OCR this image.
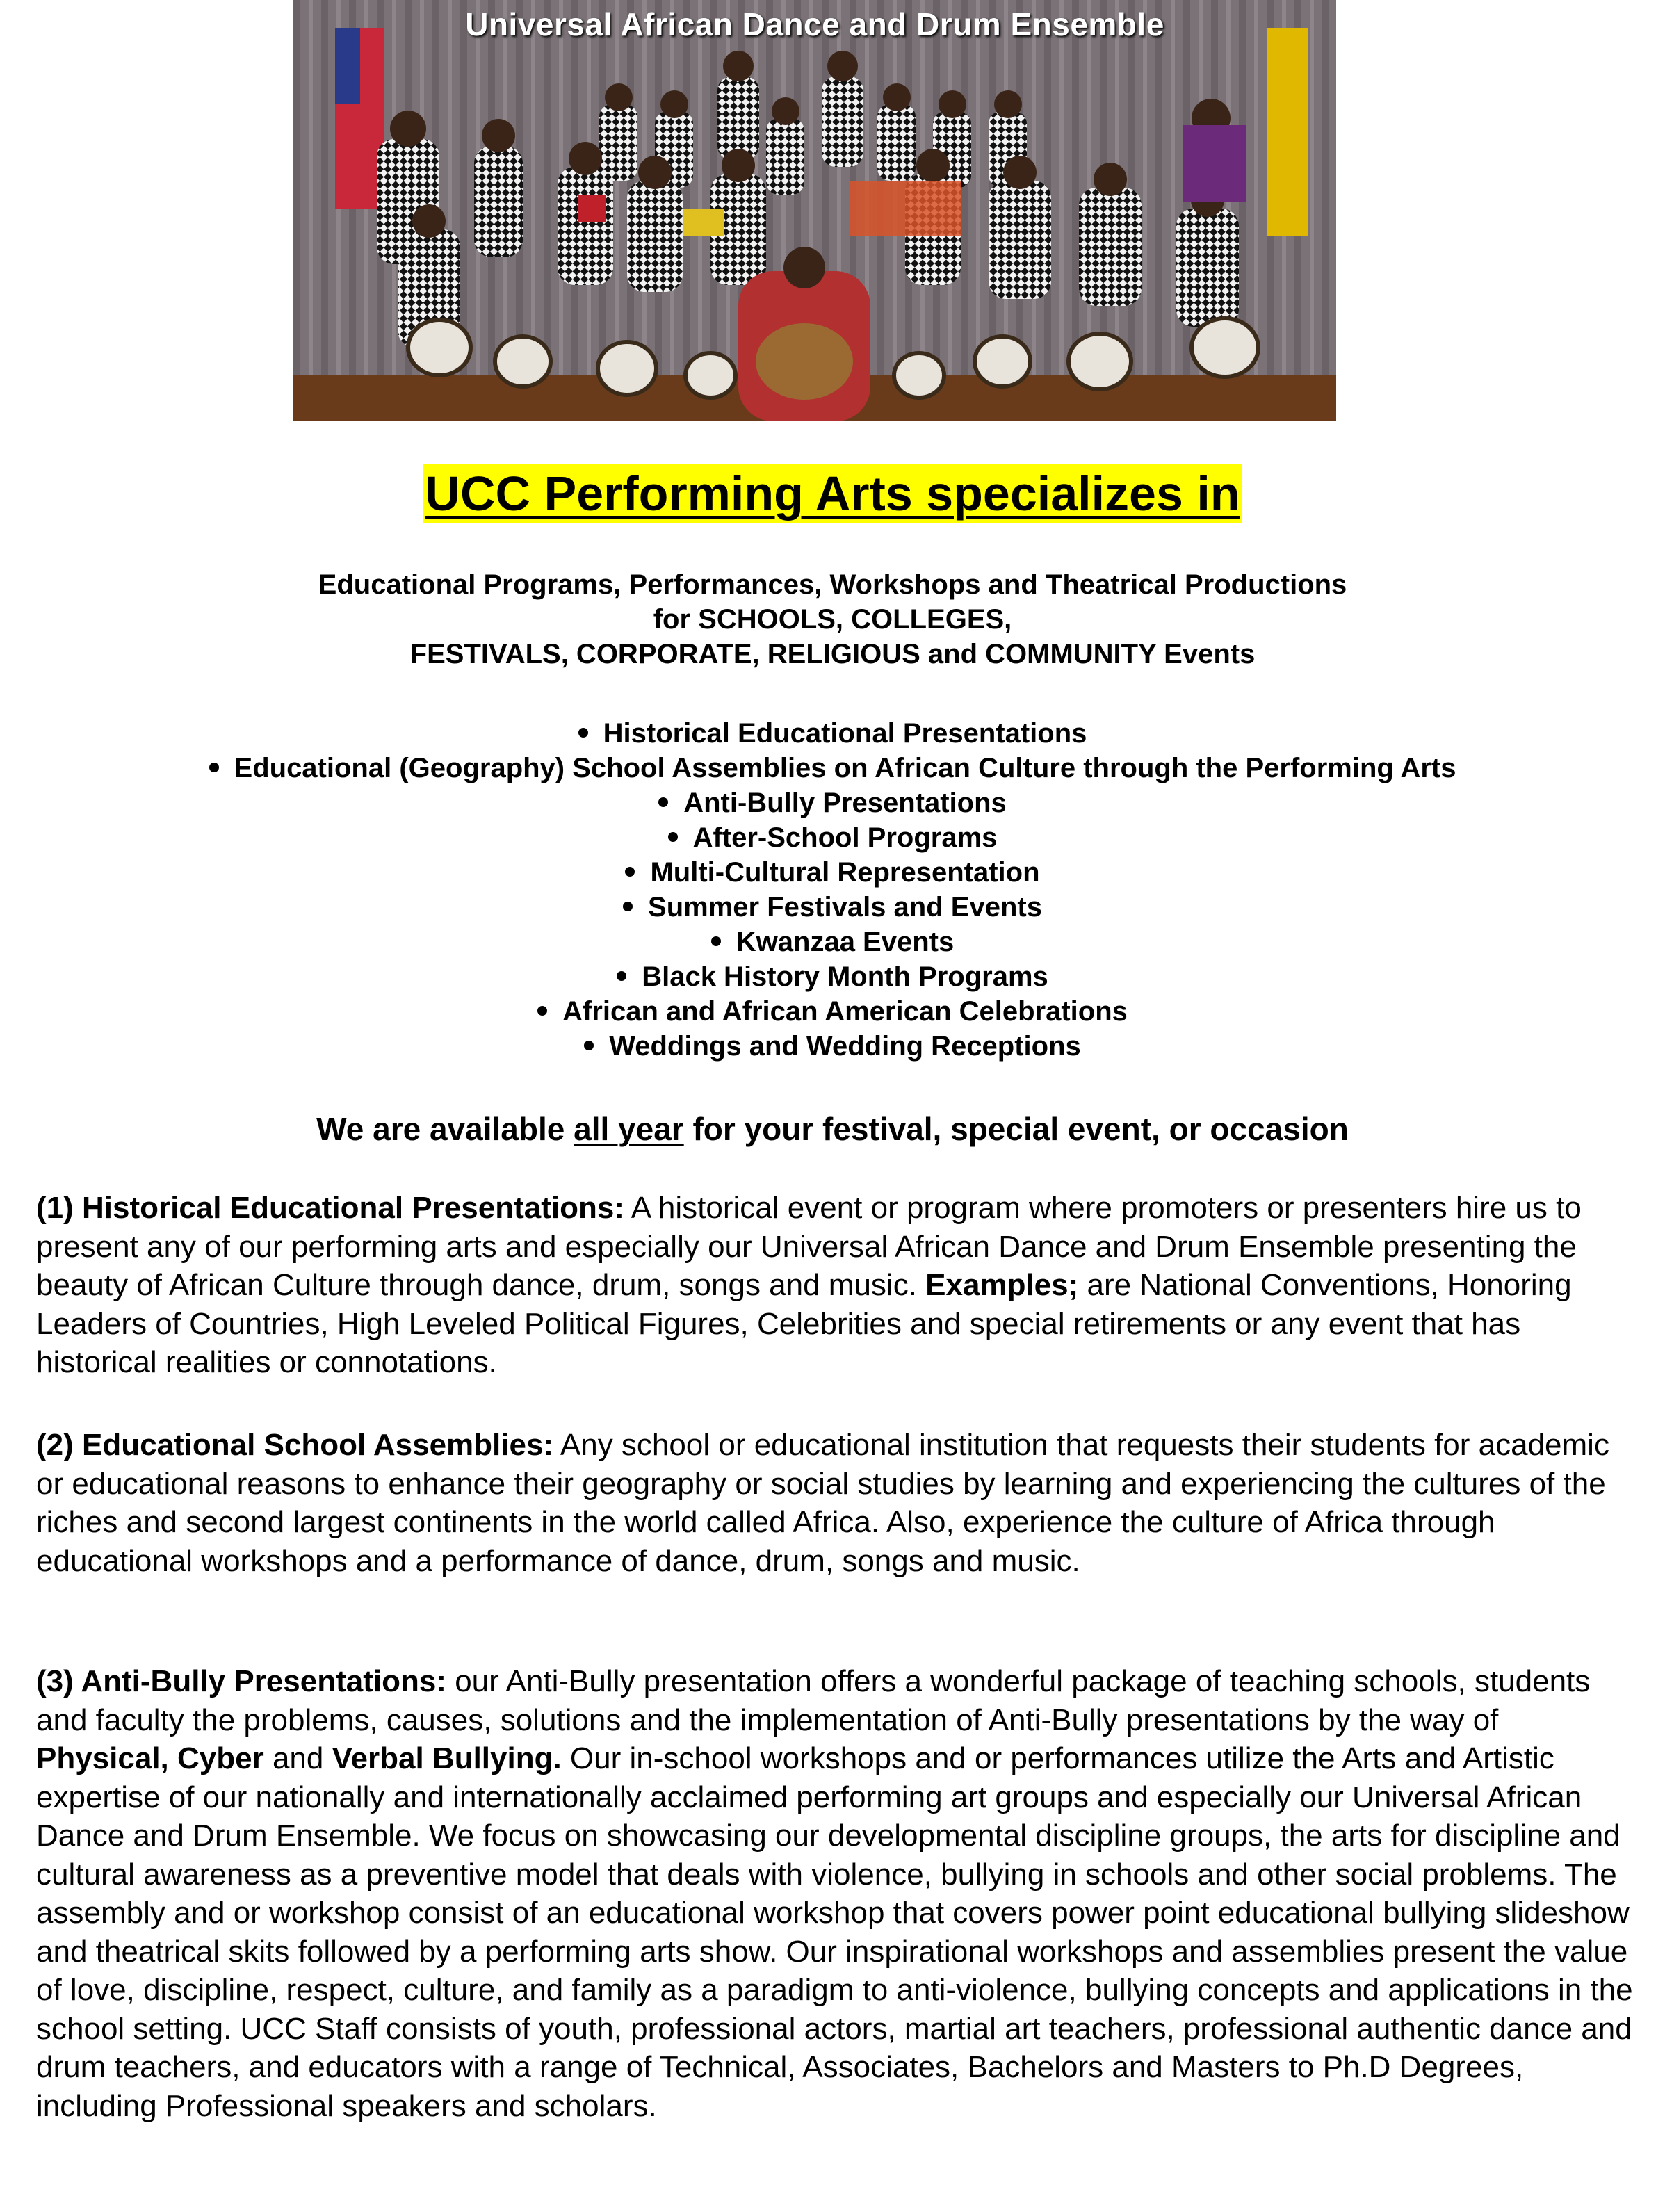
Universal African Dance and Drum Ensemble
UCC Performing Arts specializes in
Educational Programs, Performances, Workshops and Theatrical Productions
for SCHOOLS, COLLEGES,
FESTIVALS, CORPORATE, RELIGIOUS and COMMUNITY Events
Historical Educational Presentations
Educational (Geography) School Assemblies on African Culture through the Performing Arts
Anti-Bully Presentations
After-School Programs
Multi-Cultural Representation
Summer Festivals and Events
Kwanzaa Events
Black History Month Programs
African and African American Celebrations
Weddings and Wedding Receptions
We are available all year for your festival, special event, or occasion

(1) Historical Educational Presentations: A historical event or program where promoters or presenters hire us to present any of our performing arts and especially our Universal African Dance and Drum Ensemble presenting the beauty of African Culture through dance, drum, songs and music. Examples; are National Conventions, Honoring Leaders of Countries, High Leveled Political Figures, Celebrities and special retirements or any event that has historical realities or connotations.

(2) Educational School Assemblies: Any school or educational institution that requests their students for academic or educational reasons to enhance their geography or social studies by learning and experiencing the cultures of the riches and second largest continents in the world called Africa. Also, experience the culture of Africa through educational workshops and a performance of dance, drum, songs and music.

(3) Anti-Bully Presentations: our Anti-Bully presentation offers a wonderful package of teaching schools, students and faculty the problems, causes, solutions and the implementation of Anti-Bully presentations by the way of Physical, Cyber and Verbal Bullying. Our in-school workshops and or performances utilize the Arts and Artistic expertise of our nationally and internationally acclaimed performing art groups and especially our Universal African Dance and Drum Ensemble. We focus on showcasing our developmental discipline groups, the arts for discipline and cultural awareness as a preventive model that deals with violence, bullying in schools and other social problems. The assembly and or workshop consist of an educational workshop that covers power point educational bullying slideshow and theatrical skits followed by a performing arts show. Our inspirational workshops and assemblies present the value of love, discipline, respect, culture, and family as a paradigm to anti-violence, bullying concepts and applications in the school setting. UCC Staff consists of youth, professional actors, martial art teachers, professional authentic dance and drum teachers, and educators with a range of Technical, Associates, Bachelors and Masters to Ph.D Degrees, including Professional speakers and scholars.
